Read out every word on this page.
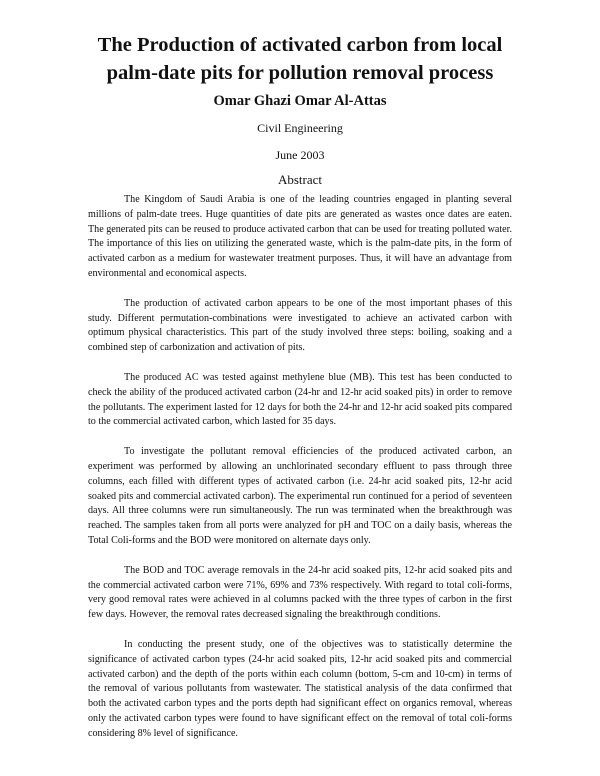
The Production of activated carbon from local
palm-date pits for pollution removal process
Omar Ghazi Omar Al-Attas
Civil Engineering
June 2003
Abstract

The Kingdom of Saudi Arabia is one of the leading countries engaged in planting several millions of palm-date trees. Huge quantities of date pits are generated as wastes once dates are eaten. The generated pits can be reused to produce activated carbon that can be used for treating polluted water. The importance of this lies on utilizing the generated waste, which is the palm-date pits, in the form of activated carbon as a medium for wastewater treatment purposes. Thus, it will have an advantage from environmental and economical aspects.

The production of activated carbon appears to be one of the most important phases of this study. Different permutation-combinations were investigated to achieve an activated carbon with optimum physical characteristics. This part of the study involved three steps: boiling, soaking and a combined step of carbonization and activation of pits.

The produced AC was tested against methylene blue (MB). This test has been conducted to check the ability of the produced activated carbon (24-hr and 12-hr acid soaked pits) in order to remove the pollutants. The experiment lasted for 12 days for both the 24-hr and 12-hr acid soaked pits compared to the commercial activated carbon, which lasted for 35 days.

To investigate the pollutant removal efficiencies of the produced activated carbon, an experiment was performed by allowing an unchlorinated secondary effluent to pass through three columns, each filled with different types of activated carbon (i.e. 24-hr acid soaked pits, 12-hr acid soaked pits and commercial activated carbon). The experimental run continued for a period of seventeen days. All three columns were run simultaneously. The run was terminated when the breakthrough was reached. The samples taken from all ports were analyzed for pH and TOC on a daily basis, whereas the Total Coli-forms and the BOD were monitored on alternate days only.

The BOD and TOC average removals in the 24-hr acid soaked pits, 12-hr acid soaked pits and the commercial activated carbon were 71%, 69% and 73% respectively. With regard to total coli-forms, very good removal rates were achieved in al columns packed with the three types of carbon in the first few days. However, the removal rates decreased signaling the breakthrough conditions.

In conducting the present study, one of the objectives was to statistically determine the significance of activated carbon types (24-hr acid soaked pits, 12-hr acid soaked pits and commercial activated carbon) and the depth of the ports within each column (bottom, 5-cm and 10-cm) in terms of the removal of various pollutants from wastewater. The statistical analysis of the data confirmed that both the activated carbon types and the ports depth had significant effect on organics removal, whereas only the activated carbon types were found to have significant effect on the removal of total coli-forms considering 8% level of significance.
